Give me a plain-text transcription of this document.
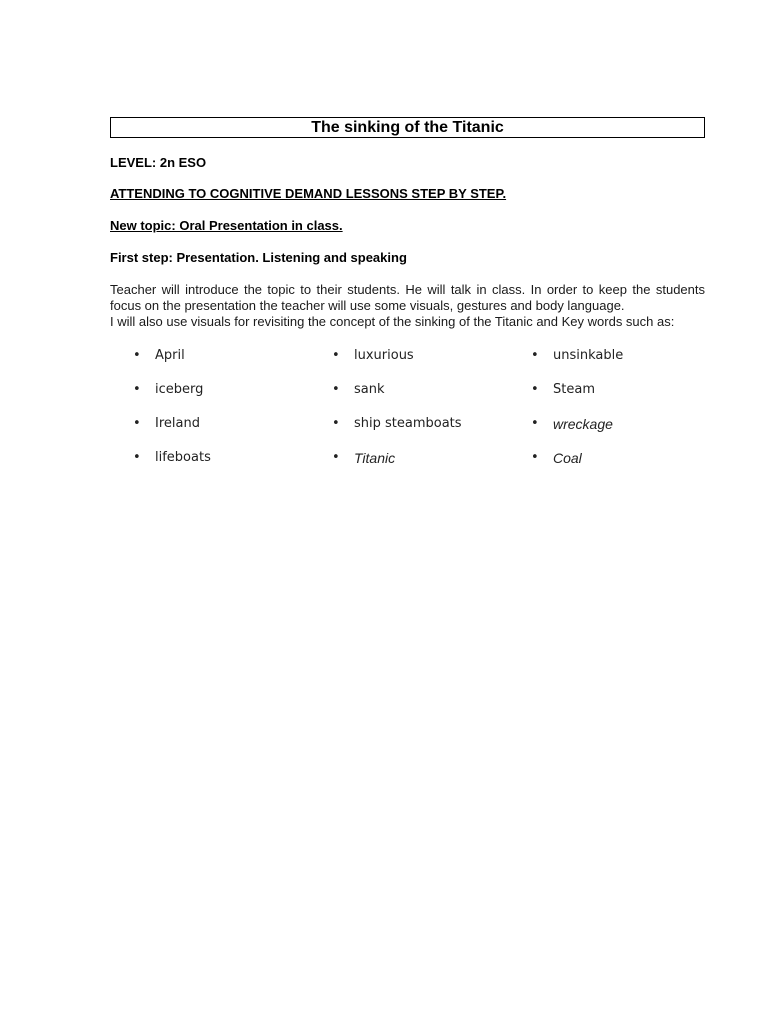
The sinking of the Titanic
LEVEL: 2n ESO
ATTENDING TO COGNITIVE DEMAND LESSONS STEP BY STEP.
New topic: Oral Presentation in class.
First step: Presentation. Listening and speaking

Teacher will introduce the topic to their students. He will talk in class. In order to keep the students focus on the presentation the teacher will use some visuals, gestures and body language.

I will also use visuals for revisiting the concept of the sinking of the Titanic and Key words such as:

• April
• iceberg
• Ireland
• lifeboats
• luxurious
• sank
• ship steamboats
• Titanic
• unsinkable
• Steam
• wreckage
• Coal
